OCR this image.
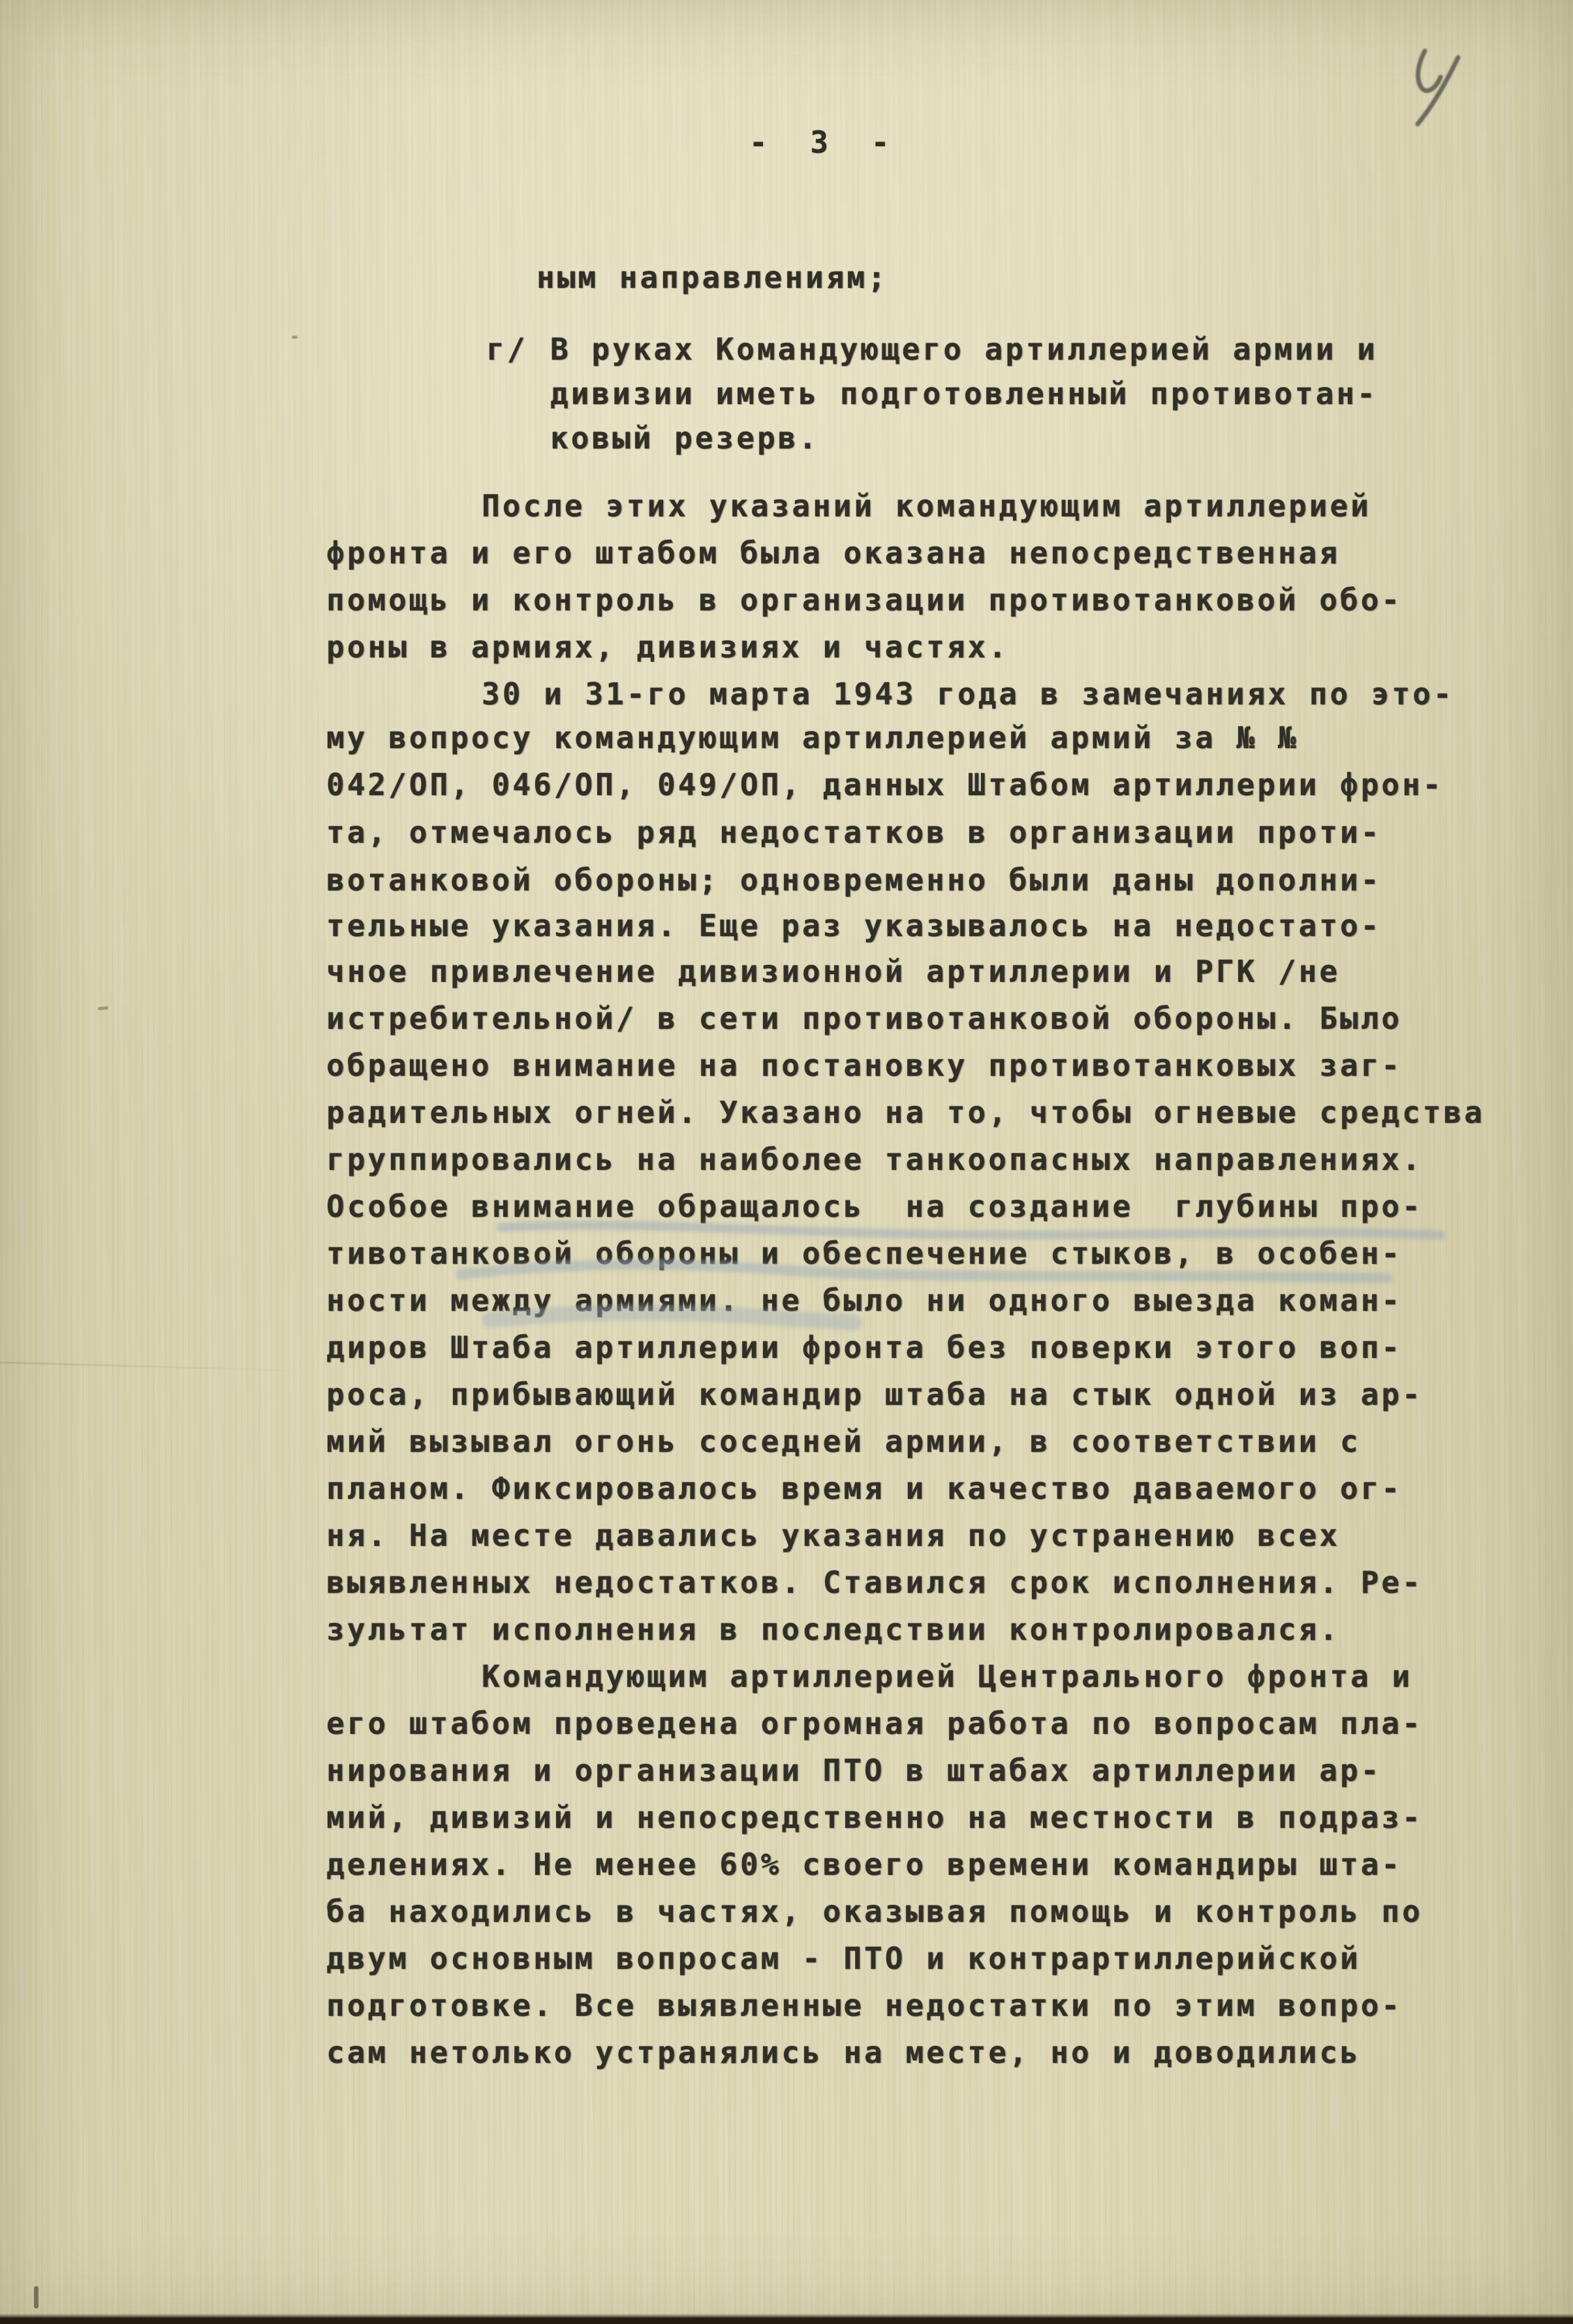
- 3 -
ным направлениям;
г/ В руках Командующего артиллерией армии и
дивизии иметь подготовленный противотан-
ковый резерв.
После этих указаний командующим артиллерией
фронта и его штабом была оказана непосредственная
помощь и контроль в организации противотанковой обо-
роны в армиях, дивизиях и частях.
30 и 31-го марта 1943 года в замечаниях по это-
му вопросу командующим артиллерией армий за № №
042/ОП, 046/ОП, 049/ОП, данных Штабом артиллерии фрон-
та, отмечалось ряд недостатков в организации проти-
вотанковой обороны; одновременно были даны дополни-
тельные указания. Еще раз указывалось на недостато-
чное привлечение дивизионной артиллерии и РГК /не
истребительной/ в сети противотанковой обороны. Было
обращено внимание на постановку противотанковых заг-
радительных огней. Указано на то, чтобы огневые средства
группировались на наиболее танкоопасных направлениях.
Особое внимание обращалось  на создание  глубины про-
тивотанковой обороны и обеспечение стыков, в особен-
ности между армиями. не было ни одного выезда коман-
диров Штаба артиллерии фронта без поверки этого воп-
роса, прибывающий командир штаба на стык одной из ар-
мий вызывал огонь соседней армии, в соответствии с
планом. Фиксировалось время и качество даваемого ог-
ня. На месте давались указания по устранению всех
выявленных недостатков. Ставился срок исполнения. Ре-
зультат исполнения в последствии контролировался.
Командующим артиллерией Центрального фронта и
его штабом проведена огромная работа по вопросам пла-
нирования и организации ПТО в штабах артиллерии ар-
мий, дивизий и непосредственно на местности в подраз-
делениях. Не менее 60% своего времени командиры шта-
ба находились в частях, оказывая помощь и контроль по
двум основным вопросам - ПТО и контрартиллерийской
подготовке. Все выявленные недостатки по этим вопро-
сам нетолько устранялись на месте, но и доводились
